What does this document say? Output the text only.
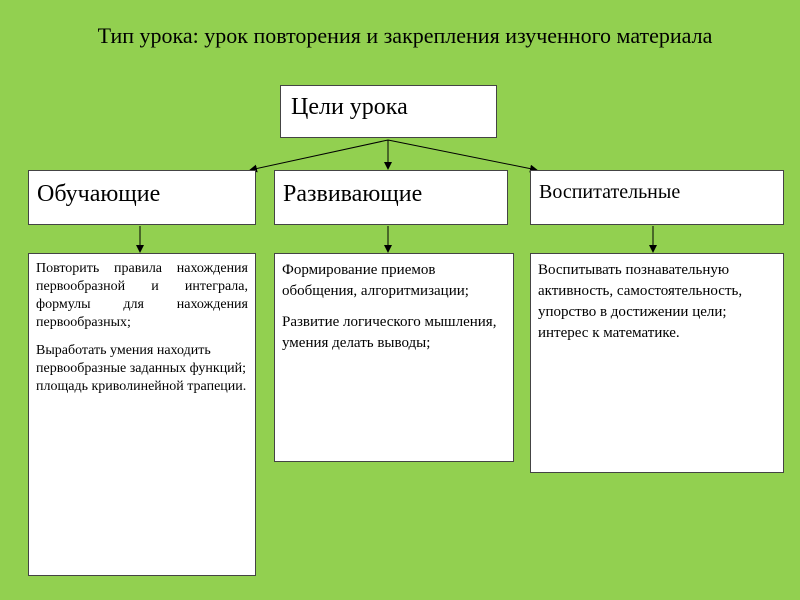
Тип урока: урок повторения и закрепления изученного материала
Цели урока
Обучающие	Развивающие	Воспитательные

Повторить правила нахождения первообразной и интеграла, формулы для нахождения первообразных;

Выработать умения находить первообразные заданных функций; площадь криволинейной трапеции.

Формирование приемов обобщения, алгоритмизации;

Развитие логического мышления, умения делать выводы;

Воспитывать познавательную активность, самостоятельность, упорство в достижении цели; интерес к математике.
